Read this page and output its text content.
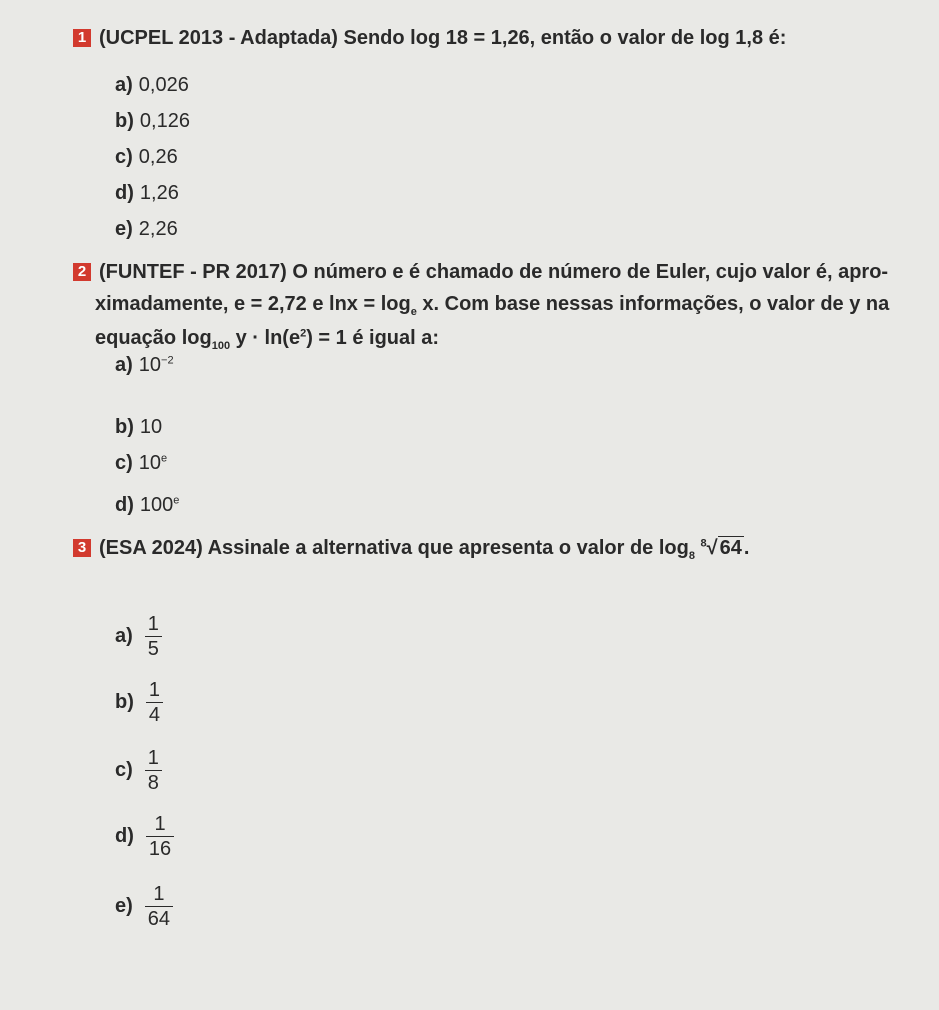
1 (UCPEL 2013 - Adaptada) Sendo log 18 = 1,26, então o valor de log 1,8 é:
a) 0,026
b) 0,126
c) 0,26
d) 1,26
e) 2,26
2 (FUNTEF - PR 2017) O número e é chamado de número de Euler, cujo valor é, apro-
ximadamente, e = 2,72 e $\ln x = \log_e x$. Com base nessas informações, o valor de y na
equação $\log_{100} y \cdot \ln(e^2) = 1$ é igual a:
a) $10^{-2}$
b) 10
c) 10e
d) 100e
3 (ESA 2024) Assinale a alternativa que apresenta o valor de $\log_8 ^8√$ 64 .
$a) \frac{1}{5}$
$b) \frac{1}{4}$
$c) \frac{1}{8}$
$d) \frac{1}{16}$
$e) \frac{1}{64}$
